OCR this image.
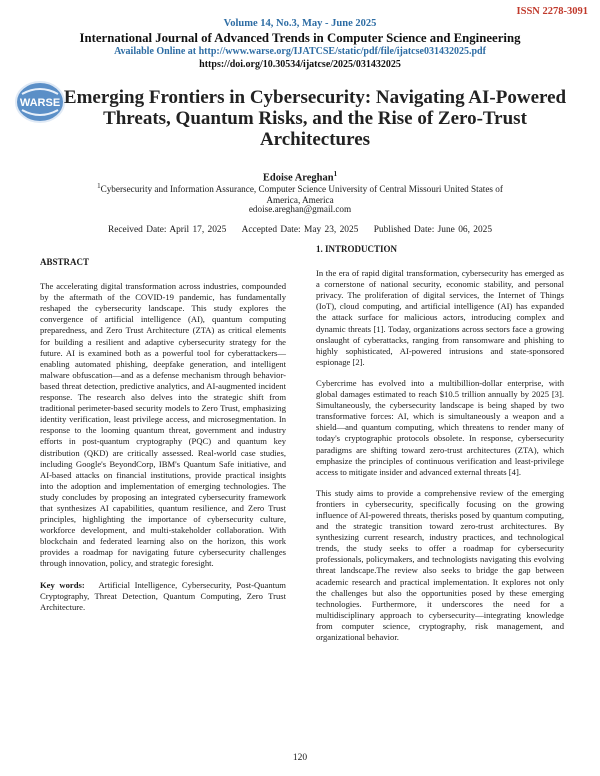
ISSN 2278-3091
Volume 14, No.3, May - June 2025
International Journal of Advanced Trends in Computer Science and Engineering
Available Online at http://www.warse.org/IJATCSE/static/pdf/file/ijatcse031432025.pdf
https://doi.org/10.30534/ijatcse/2025/031432025
WARSE Emerging Frontiers in Cybersecurity: Navigating AI-Powered Threats, Quantum Risks, and the Rise of Zero-Trust Architectures
Edoise Areghan$^1$
$^1$Cybersecurity and Information Assurance, Computer Science University of Central Missouri United States of America, America
edoise.areghan@gmail.com
Received Date: April 17, 2025 Accepted Date: May 23, 2025 Published Date: June 06, 2025
ABSTRACT
The accelerating digital transformation across industries, compounded by the aftermath of the COVID-19 pandemic, has fundamentally reshaped the cybersecurity landscape. This study explores the convergence of artificial intelligence (AI), quantum computing preparedness, and Zero Trust Architecture (ZTA) as critical elements for building a resilient and adaptive cybersecurity strategy for the future. AI is examined both as a powerful tool for cyberattackers—enabling automated phishing, deepfake generation, and intelligent malware obfuscation—and as a defense mechanism through behavior-based threat detection, predictive analytics, and AI-augmented incident response. The research also delves into the strategic shift from traditional perimeter-based security models to Zero Trust, emphasizing identity verification, least privilege access, and microsegmentation. In response to the looming quantum threat, government and industry efforts in post-quantum cryptography (PQC) and quantum key distribution (QKD) are critically assessed. Real-world case studies, including Google's BeyondCorp, IBM's Quantum Safe initiative, and AI-based attacks on financial institutions, provide practical insights into the adoption and implementation of emerging technologies. The study concludes by proposing an integrated cybersecurity framework that synthesizes AI capabilities, quantum resilience, and Zero Trust principles, highlighting the importance of cybersecurity culture, workforce development, and multi-stakeholder collaboration. With blockchain and federated learning also on the horizon, this work provides a roadmap for navigating future cybersecurity challenges through innovation, policy, and strategic foresight.
Key words: Artificial Intelligence, Cybersecurity, Post-Quantum Cryptography, Threat Detection, Quantum Computing, Zero Trust Architecture.
1. INTRODUCTION
In the era of rapid digital transformation, cybersecurity has emerged as a cornerstone of national security, economic stability, and personal privacy. The proliferation of digital services, the Internet of Things (IoT), cloud computing, and artificial intelligence (AI) has expanded the attack surface for malicious actors, introducing complex and dynamic threats [1]. Today, organizations across sectors face a growing onslaught of cyberattacks, ranging from ransomware and phishing to highly sophisticated, AI-powered intrusions and state-sponsored espionage [2].
Cybercrime has evolved into a multibillion-dollar enterprise, with global damages estimated to reach $10.5 trillion annually by 2025 [3]. Simultaneously, the cybersecurity landscape is being shaped by two transformative forces: AI, which is simultaneously a weapon and a shield—and quantum computing, which threatens to render many of today's cryptographic protocols obsolete. In response, cybersecurity paradigms are shifting toward zero-trust architectures (ZTA), which emphasize the principles of continuous verification and least-privilege access to mitigate insider and advanced external threats [4].
This study aims to provide a comprehensive review of the emerging frontiers in cybersecurity, specifically focusing on the growing influence of AI-powered threats, therisks posed by quantum computing, and the strategic transition toward zero-trust architectures. By synthesizing current research, industry practices, and technological trends, the study seeks to offer a roadmap for cybersecurity professionals, policymakers, and technologists navigating this evolving threat landscape.The review also seeks to bridge the gap between academic research and practical implementation. It explores not only the challenges but also the opportunities posed by these emerging technologies. Furthermore, it underscores the need for a multidisciplinary approach to cybersecurity—integrating knowledge from computer science, cryptography, risk management, and organizational behavior.
120
